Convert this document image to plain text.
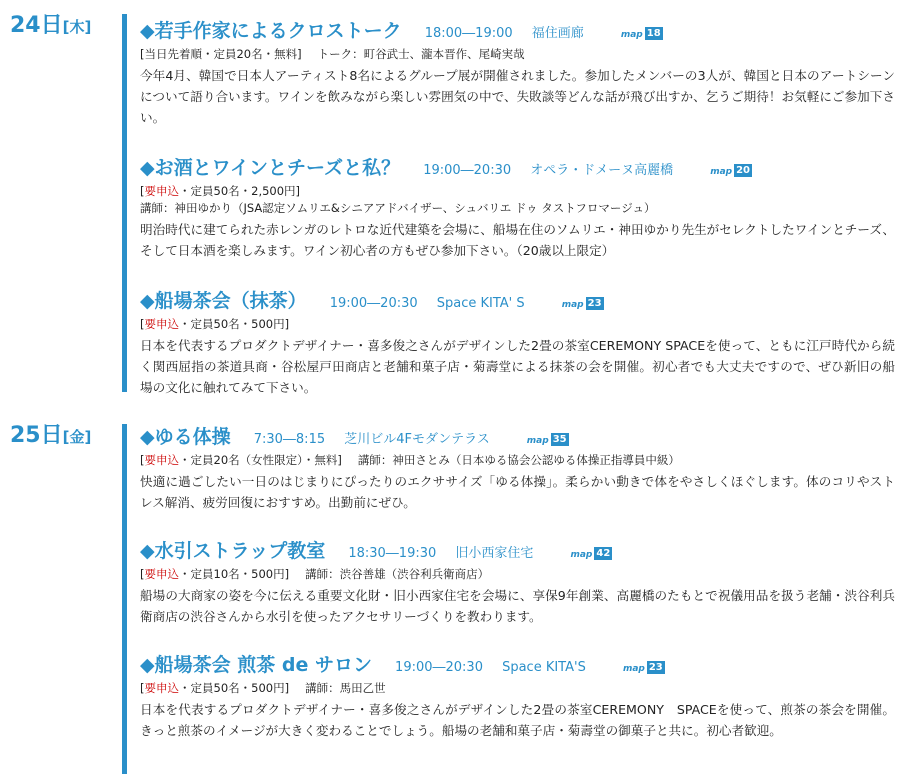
24日[木]	◆若手作家によるクロストーク 18:00―19:00 福住画廊	map 18
[当日先着順・定員20名・無料] トーク：町谷武士、瀧本晋作、尾崎実哉
今年4月、韓国で日本人アーティスト8名によるグループ展が開催されました。参加したメンバーの3人が、韓国と日本のアートシーンについて語り合います。ワインを飲みながら楽しい雰囲気の中で、失敗談等どんな話が飛び出すか、乞うご期待！お気軽にご参加下さい。
◆お酒とワインとチーズと私？ 19:00―20:30 オペラ・ドメーヌ高麗橋	map 20
[要申込・定員50名・2,500円]
講師：神田ゆかり（JSA認定ソムリエ&シニアアドバイザー、シュバリエ ドゥ タストフロマージュ）
明治時代に建てられた赤レンガのレトロな近代建築を会場に、船場在住のソムリエ・神田ゆかり先生がセレクトしたワインとチーズ、そして日本酒を楽しみます。ワイン初心者の方もぜひ参加下さい。（20歳以上限定）
◆船場茶会（抹茶） 19:00―20:30 Space KITA' S	map 23
[要申込・定員50名・500円]
日本を代表するプロダクトデザイナー・喜多俊之さんがデザインした2畳の茶室CEREMONY SPACEを使って、ともに江戸時代から続く関西屈指の茶道具商・谷松屋戸田商店と老舗和菓子店・菊壽堂による抹茶の会を開催。初心者でも大丈夫ですので、ぜひ新旧の船場の文化に触れてみて下さい。
25日[金]	◆ゆる体操 7:30―8:15 芝川ビル4Fモダンテラス	map 35
[要申込・定員20名（女性限定）・無料] 講師：神田さとみ（日本ゆる協会公認ゆる体操正指導員中級）
快適に過ごしたい一日のはじまりにぴったりのエクササイズ「ゆる体操」。柔らかい動きで体をやさしくほぐします。体のコリやストレス解消、疲労回復におすすめ。出勤前にぜひ。
◆水引ストラップ教室 18:30―19:30 旧小西家住宅	map 42
[要申込・定員10名・500円] 講師：渋谷善雄（渋谷利兵衛商店）
船場の大商家の姿を今に伝える重要文化財・旧小西家住宅を会場に、享保9年創業、高麗橋のたもとで祝儀用品を扱う老舗・渋谷利兵衛商店の渋谷さんから水引を使ったアクセサリーづくりを教わります。
◆船場茶会 煎茶 de サロン 19:00―20:30 Space KITA'S	map 23
[要申込・定員50名・500円] 講師：馬田乙世
日本を代表するプロダクトデザイナー・喜多俊之さんがデザインした2畳の茶室CEREMONY　SPACEを使って、煎茶の茶会を開催。きっと煎茶のイメージが大きく変わることでしょう。船場の老舗和菓子店・菊壽堂の御菓子と共に。初心者歓迎。
